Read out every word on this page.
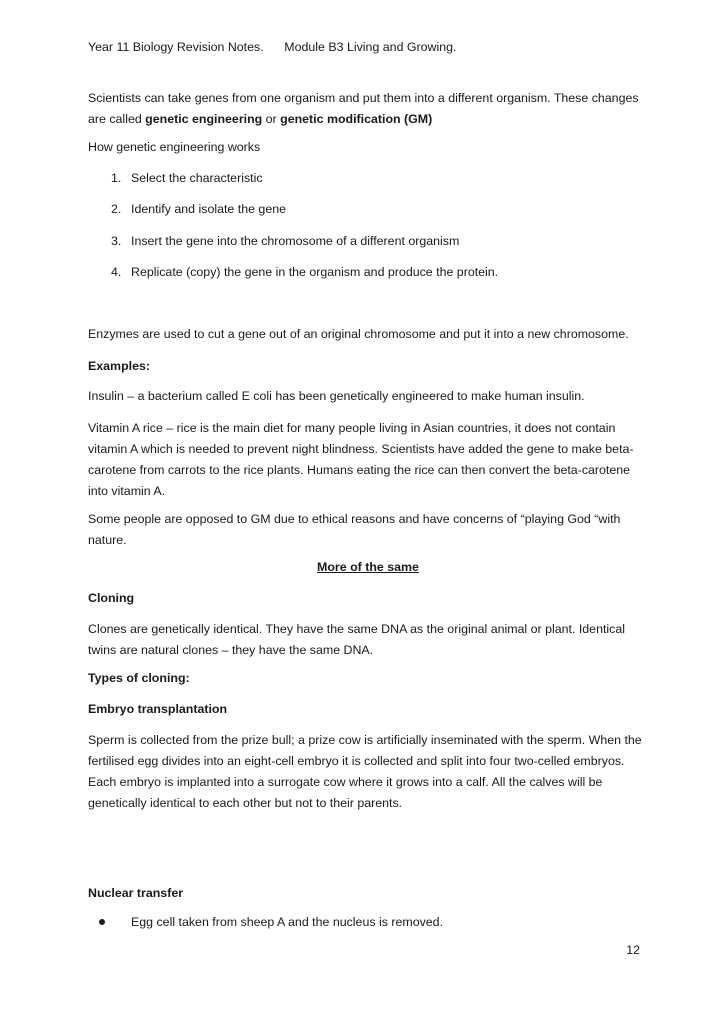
Year 11 Biology Revision Notes.      Module B3 Living and Growing.
Scientists can take genes from one organism and put them into a different organism. These changes
are called genetic engineering or genetic modification (GM)
How genetic engineering works
1. Select the characteristic
2. Identify and isolate the gene
3. Insert the gene into the chromosome of a different organism
4. Replicate (copy) the gene in the organism and produce the protein.
Enzymes are used to cut a gene out of an original chromosome and put it into a new chromosome.
Examples:
Insulin – a bacterium called E coli has been genetically engineered to make human insulin.
Vitamin A rice – rice is the main diet for many people living in Asian countries, it does not contain
vitamin A which is needed to prevent night blindness. Scientists have added the gene to make beta-
carotene from carrots to the rice plants. Humans eating the rice can then convert the beta-carotene
into vitamin A.
Some people are opposed to GM due to ethical reasons and have concerns of “playing God “with
nature.
More of the same
Cloning
Clones are genetically identical. They have the same DNA as the original animal or plant. Identical
twins are natural clones – they have the same DNA.
Types of cloning:
Embryo transplantation
Sperm is collected from the prize bull; a prize cow is artificially inseminated with the sperm. When the
fertilised egg divides into an eight-cell embryo it is collected and split into four two-celled embryos.
Each embryo is implanted into a surrogate cow where it grows into a calf. All the calves will be
genetically identical to each other but not to their parents.
Nuclear transfer
Egg cell taken from sheep A and the nucleus is removed.
12
